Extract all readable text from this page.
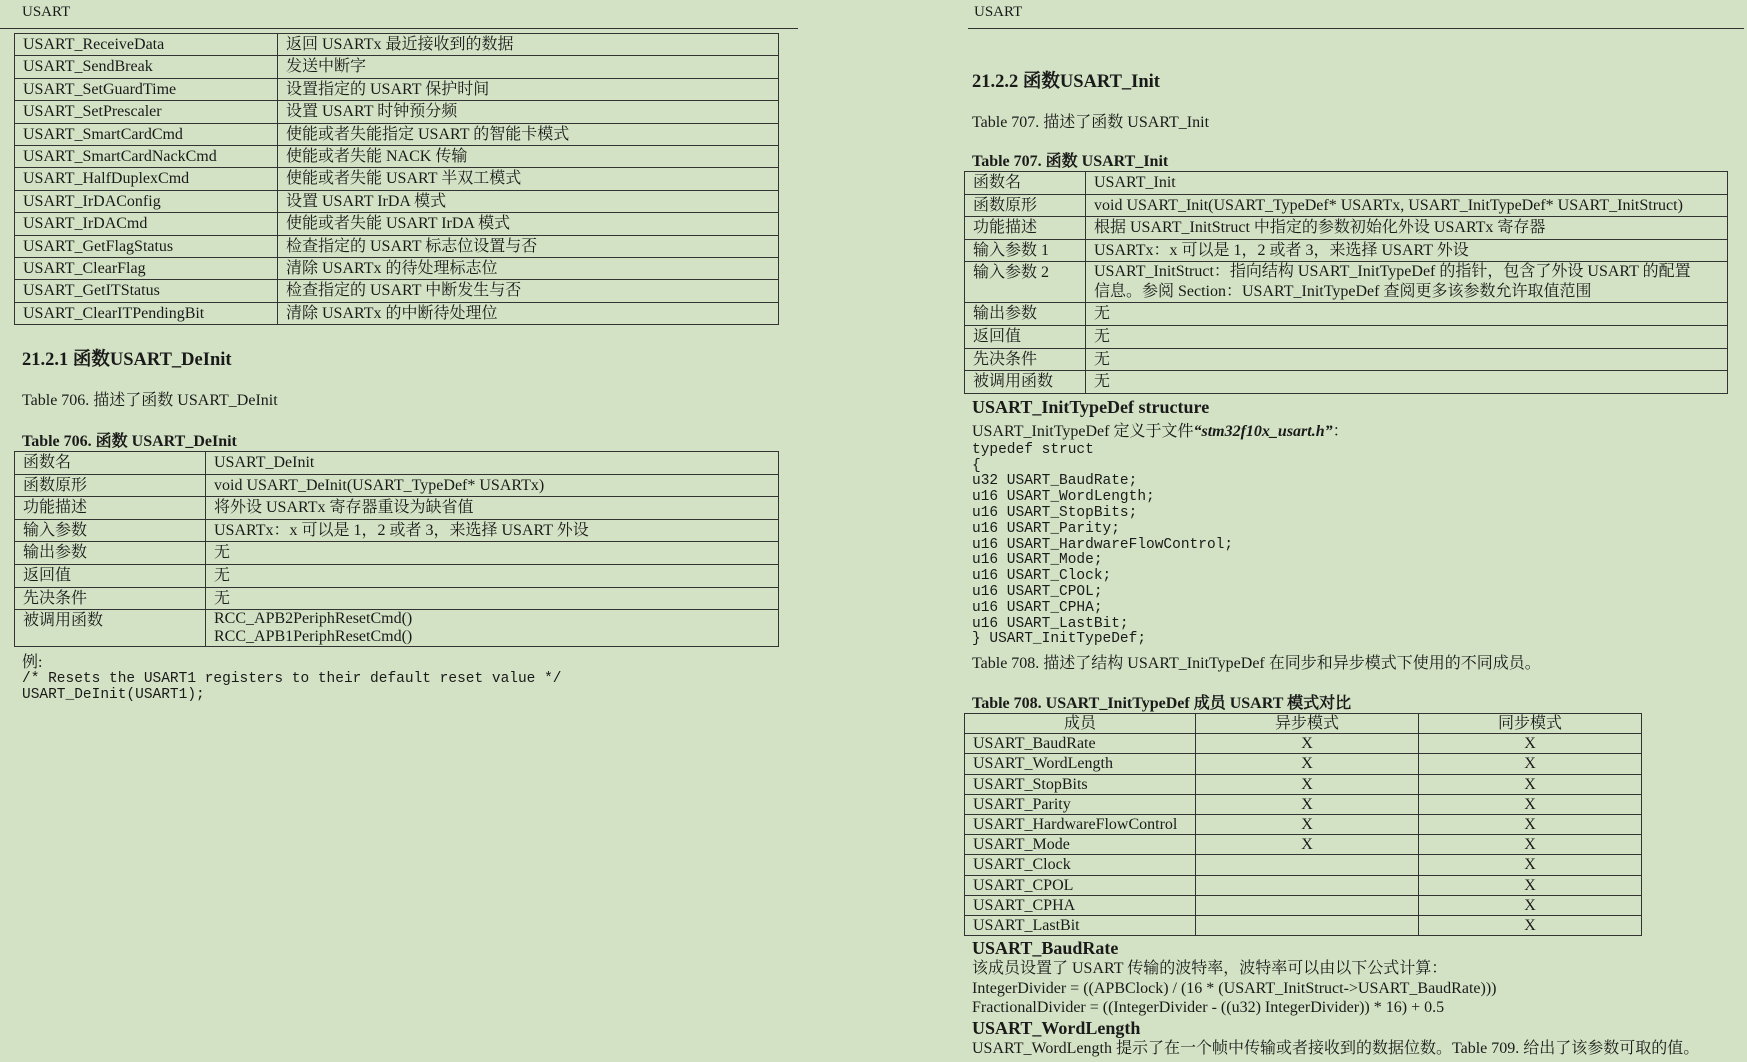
USART
USART_ReceiveData	返回 USARTx 最近接收到的数据
USART_SendBreak	发送中断字
USART_SetGuardTime	设置指定的 USART 保护时间
USART_SetPrescaler	设置 USART 时钟预分频
USART_SmartCardCmd	使能或者失能指定 USART 的智能卡模式
USART_SmartCardNackCmd	使能或者失能 NACK 传输
USART_HalfDuplexCmd	使能或者失能 USART 半双工模式
USART_IrDAConfig	设置 USART IrDA 模式
USART_IrDACmd	使能或者失能 USART IrDA 模式
USART_GetFlagStatus	检查指定的 USART 标志位设置与否
USART_ClearFlag	清除 USARTx 的待处理标志位
USART_GetITStatus	检查指定的 USART 中断发生与否
USART_ClearITPendingBit	清除 USARTx 的中断待处理位
21.2.1 函数USART_DeInit
Table 706. 描述了函数 USART_DeInit
Table 706. 函数 USART_DeInit
函数名	USART_DeInit
函数原形	void USART_DeInit(USART_TypeDef* USARTx)
功能描述	将外设 USARTx 寄存器重设为缺省值
输入参数	USARTx：x 可以是 1，2 或者 3，来选择 USART 外设
输出参数	无
返回值	无
先决条件	无
被调用函数	RCC_APB2PeriphResetCmd()
RCC_APB1PeriphResetCmd()
例:
/* Resets the USART1 registers to their default reset value */
USART_DeInit(USART1);
USART
21.2.2 函数USART_Init
Table 707. 描述了函数 USART_Init
Table 707. 函数 USART_Init
函数名	USART_Init
函数原形	void USART_Init(USART_TypeDef* USARTx, USART_InitTypeDef* USART_InitStruct)
功能描述	根据 USART_InitStruct 中指定的参数初始化外设 USARTx 寄存器
输入参数 1	USARTx：x 可以是 1，2 或者 3，来选择 USART 外设
输入参数 2	USART_InitStruct：指向结构 USART_InitTypeDef 的指针，包含了外设 USART 的配置
信息。参阅 Section：USART_InitTypeDef 查阅更多该参数允许取值范围

输出参数	无
返回值	无
先决条件	无
被调用函数	无
USART_InitTypeDef structure
USART_InitTypeDef 定义于文件“stm32f10x_usart.h”：
typedef struct
{
u32 USART_BaudRate;
u16 USART_WordLength;
u16 USART_StopBits;
u16 USART_Parity;
u16 USART_HardwareFlowControl;
u16 USART_Mode;
u16 USART_Clock;
u16 USART_CPOL;
u16 USART_CPHA;
u16 USART_LastBit;
} USART_InitTypeDef;
Table 708. 描述了结构 USART_InitTypeDef 在同步和异步模式下使用的不同成员。
Table 708. USART_InitTypeDef 成员 USART 模式对比
成员	异步模式	同步模式
USART_BaudRate	X	X
USART_WordLength	X	X
USART_StopBits	X	X
USART_Parity	X	X
USART_HardwareFlowControl	X	X
USART_Mode	X	X
USART_Clock		X
USART_CPOL		X
USART_CPHA		X
USART_LastBit		X
USART_BaudRate
该成员设置了 USART 传输的波特率，波特率可以由以下公式计算：
IntegerDivider = ((APBClock) / (16 * (USART_InitStruct->USART_BaudRate)))
FractionalDivider = ((IntegerDivider - ((u32) IntegerDivider)) * 16) + 0.5
USART_WordLength
USART_WordLength 提示了在一个帧中传输或者接收到的数据位数。Table 709. 给出了该参数可取的值。
